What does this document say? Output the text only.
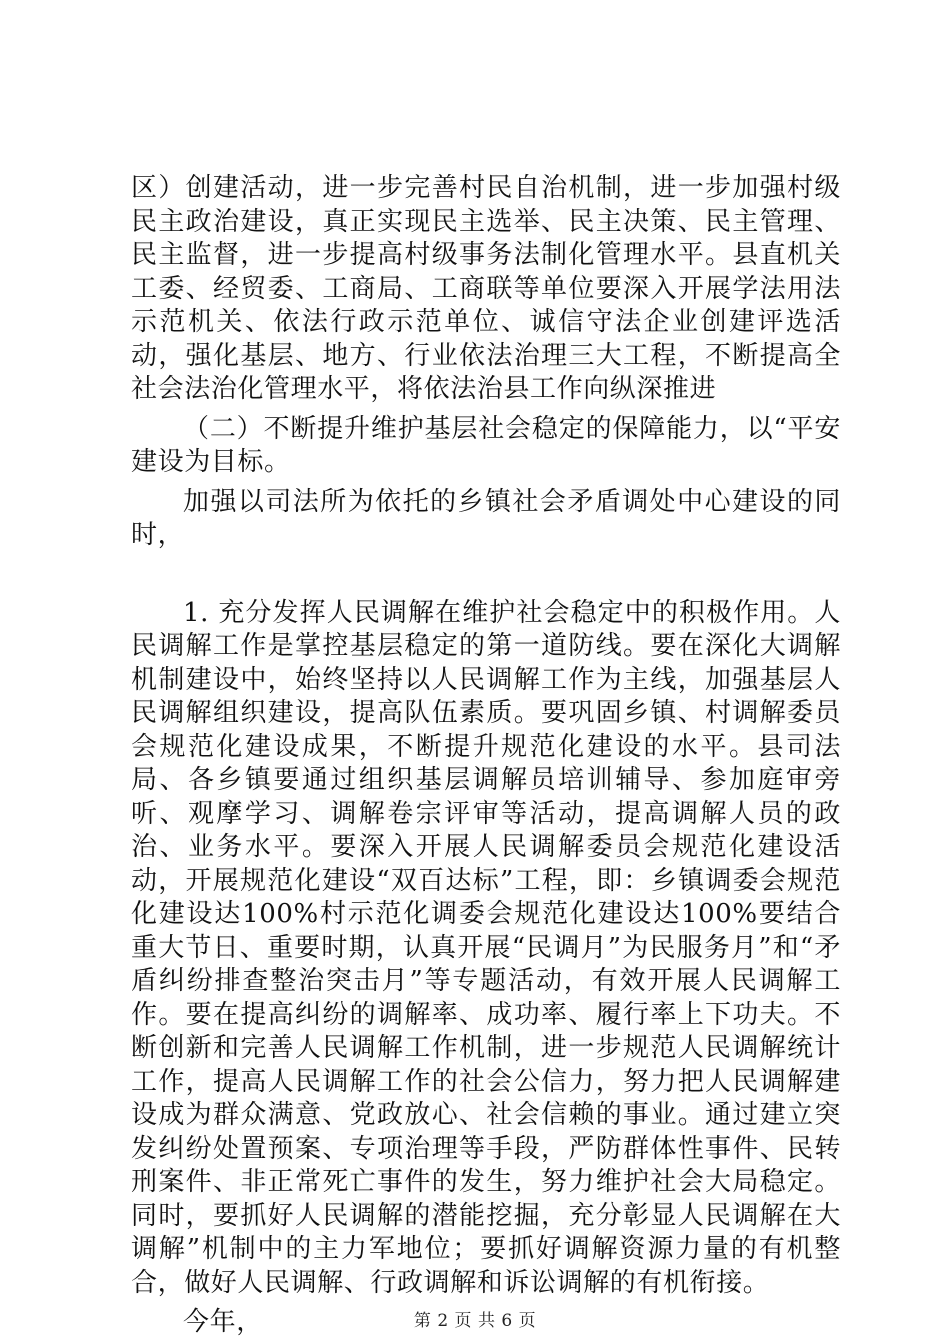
区）创建活动，进一步完善村民自治机制，进一步加强村级民主政治建设，真正实现民主选举、民主决策、民主管理、民主监督，进一步提高村级事务法制化管理水平。县直机关工委、经贸委、工商局、工商联等单位要深入开展学法用法示范机关、依法行政示范单位、诚信守法企业创建评选活动，强化基层、地方、行业依法治理三大工程，不断提高全社会法治化管理水平，将依法治县工作向纵深推进

（二）不断提升维护基层社会稳定的保障能力，以“平安建设为目标。

加强以司法所为依托的乡镇社会矛盾调处中心建设的同时，

1. 充分发挥人民调解在维护社会稳定中的积极作用。人民调解工作是掌控基层稳定的第一道防线。要在深化大调解机制建设中，始终坚持以人民调解工作为主线，加强基层人民调解组织建设，提高队伍素质。要巩固乡镇、村调解委员会规范化建设成果，不断提升规范化建设的水平。县司法局、各乡镇要通过组织基层调解员培训辅导、参加庭审旁听、观摩学习、调解卷宗评审等活动，提高调解人员的政治、业务水平。要深入开展人民调解委员会规范化建设活动，开展规范化建设“双百达标”工程，即：乡镇调委会规范化建设达100%村示范化调委会规范化建设达100%要结合重大节日、重要时期，认真开展“民调月”为民服务月”和“矛盾纠纷排查整治突击月”等专题活动，有效开展人民调解工作。要在提高纠纷的调解率、成功率、履行率上下功夫。不断创新和完善人民调解工作机制，进一步规范人民调解统计工作，提高人民调解工作的社会公信力，努力把人民调解建设成为群众满意、党政放心、社会信赖的事业。通过建立突发纠纷处置预案、专项治理等手段，严防群体性事件、民转刑案件、非正常死亡事件的发生，努力维护社会大局稳定。同时，要抓好人民调解的潜能挖掘，充分彰显人民调解在大调解”机制中的主力军地位；要抓好调解资源力量的有机整合，做好人民调解、行政调解和诉讼调解的有机衔接。

今年，	第 2 页 共 6 页
